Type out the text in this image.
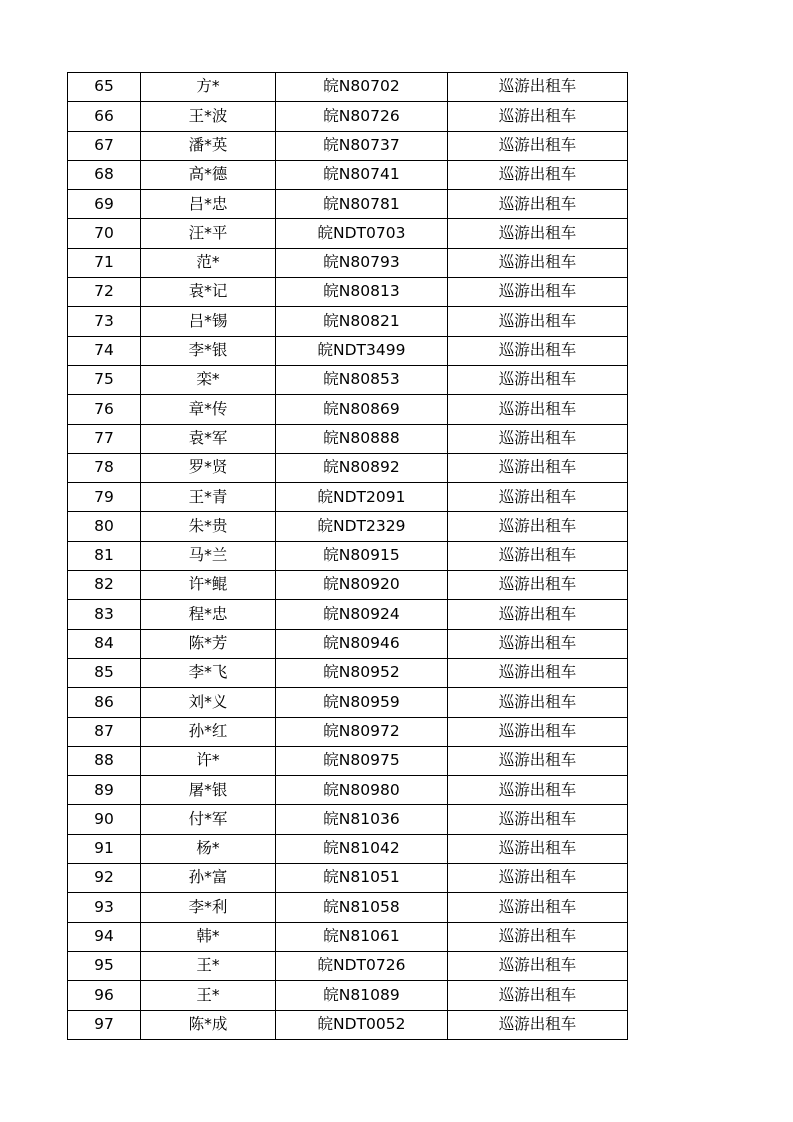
65	方*	皖N80702	巡游出租车
66	王*波	皖N80726	巡游出租车
67	潘*英	皖N80737	巡游出租车
68	高*德	皖N80741	巡游出租车
69	吕*忠	皖N80781	巡游出租车
70	汪*平	皖NDT0703	巡游出租车
71	范*	皖N80793	巡游出租车
72	袁*记	皖N80813	巡游出租车
73	吕*锡	皖N80821	巡游出租车
74	李*银	皖NDT3499	巡游出租车
75	栾*	皖N80853	巡游出租车
76	章*传	皖N80869	巡游出租车
77	袁*军	皖N80888	巡游出租车
78	罗*贤	皖N80892	巡游出租车
79	王*青	皖NDT2091	巡游出租车
80	朱*贵	皖NDT2329	巡游出租车
81	马*兰	皖N80915	巡游出租车
82	许*鲲	皖N80920	巡游出租车
83	程*忠	皖N80924	巡游出租车
84	陈*芳	皖N80946	巡游出租车
85	李*飞	皖N80952	巡游出租车
86	刘*义	皖N80959	巡游出租车
87	孙*红	皖N80972	巡游出租车
88	许*	皖N80975	巡游出租车
89	屠*银	皖N80980	巡游出租车
90	付*军	皖N81036	巡游出租车
91	杨*	皖N81042	巡游出租车
92	孙*富	皖N81051	巡游出租车
93	李*利	皖N81058	巡游出租车
94	韩*	皖N81061	巡游出租车
95	王*	皖NDT0726	巡游出租车
96	王*	皖N81089	巡游出租车
97	陈*成	皖NDT0052	巡游出租车
